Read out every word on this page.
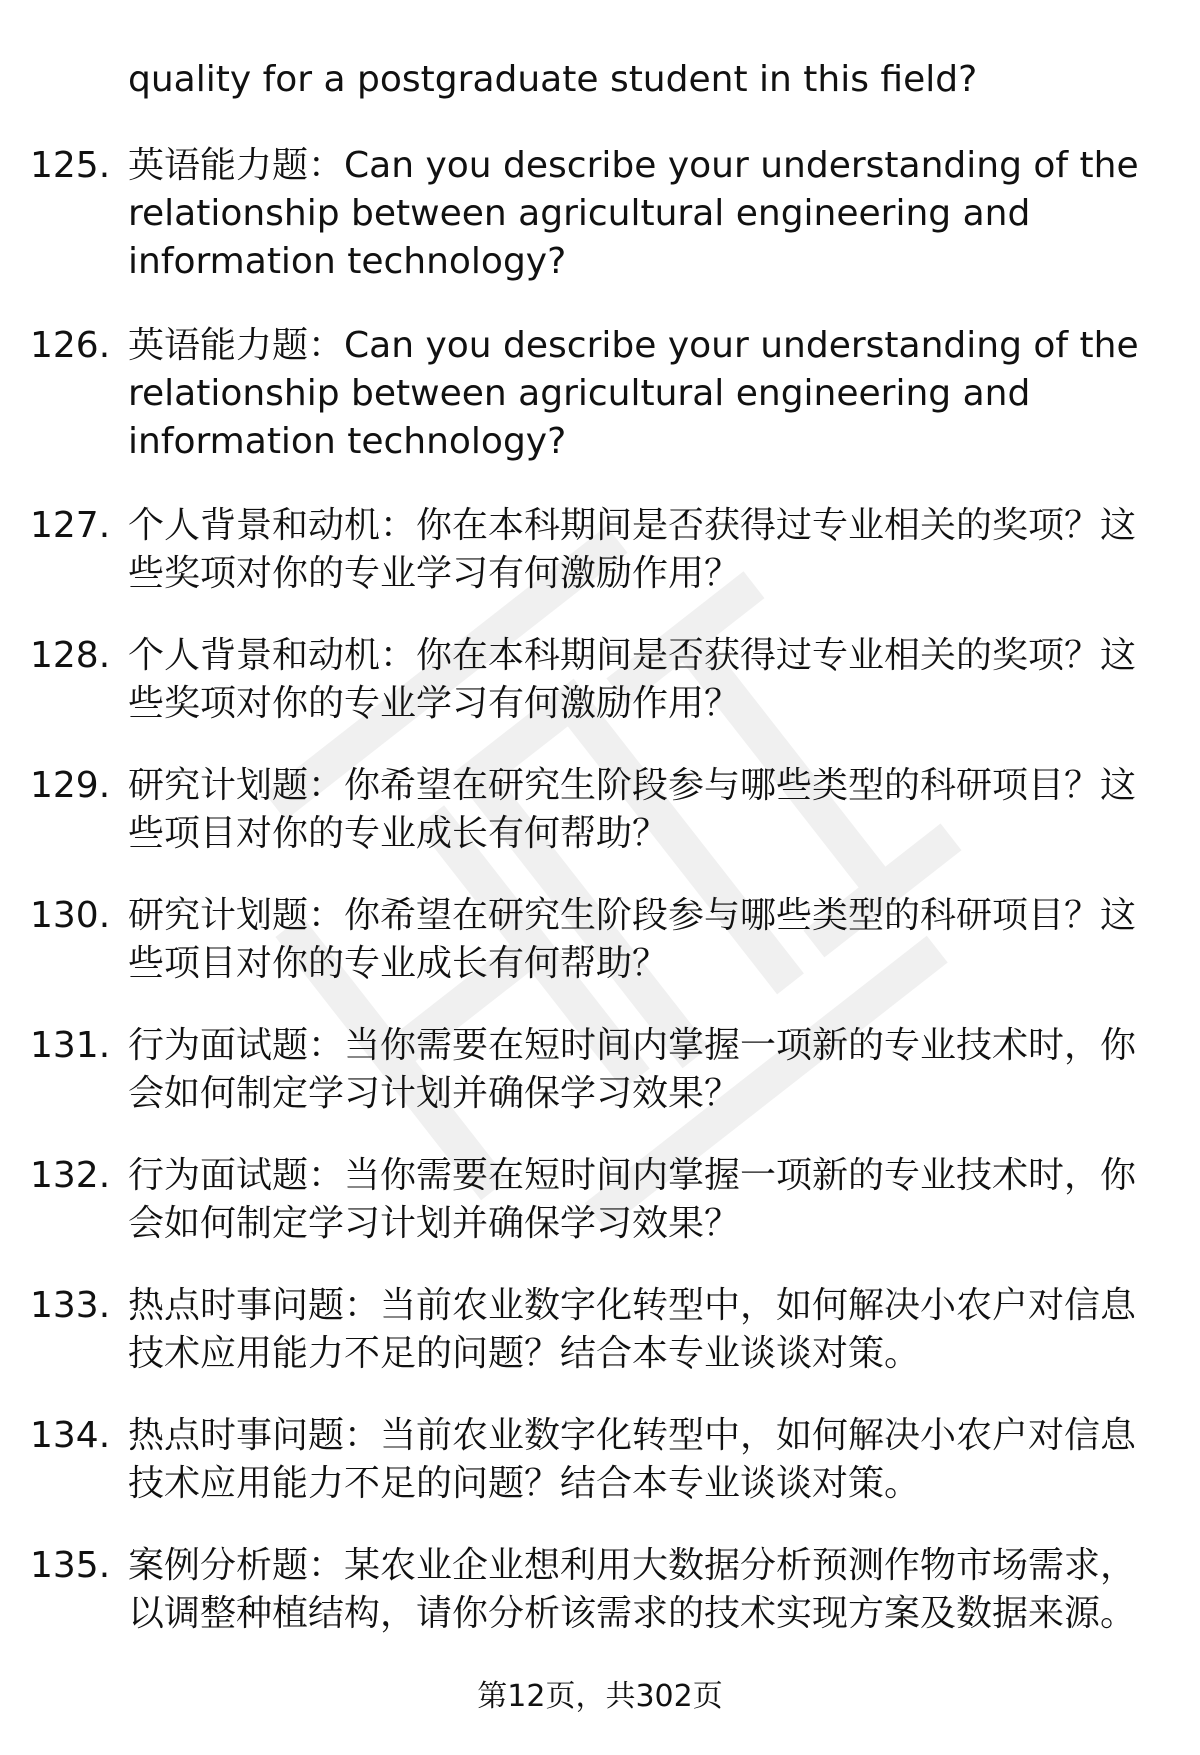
quality for a postgraduate student in this field?
125. 英语能力题：Can you describe your understanding of the relationship between agricultural engineering and information technology?
126. 英语能力题：Can you describe your understanding of the relationship between agricultural engineering and information technology?
127. 个人背景和动机：你在本科期间是否获得过专业相关的奖项？这些奖项对你的专业学习有何激励作用？
128. 个人背景和动机：你在本科期间是否获得过专业相关的奖项？这些奖项对你的专业学习有何激励作用？
129. 研究计划题：你希望在研究生阶段参与哪些类型的科研项目？这些项目对你的专业成长有何帮助？
130. 研究计划题：你希望在研究生阶段参与哪些类型的科研项目？这些项目对你的专业成长有何帮助？
131. 行为面试题：当你需要在短时间内掌握一项新的专业技术时，你会如何制定学习计划并确保学习效果？
132. 行为面试题：当你需要在短时间内掌握一项新的专业技术时，你会如何制定学习计划并确保学习效果？
133. 热点时事问题：当前农业数字化转型中，如何解决小农户对信息技术应用能力不足的问题？结合本专业谈谈对策。
134. 热点时事问题：当前农业数字化转型中，如何解决小农户对信息技术应用能力不足的问题？结合本专业谈谈对策。
135. 案例分析题：某农业企业想利用大数据分析预测作物市场需求，以调整种植结构，请你分析该需求的技术实现方案及数据来源。
第12页，共302页
